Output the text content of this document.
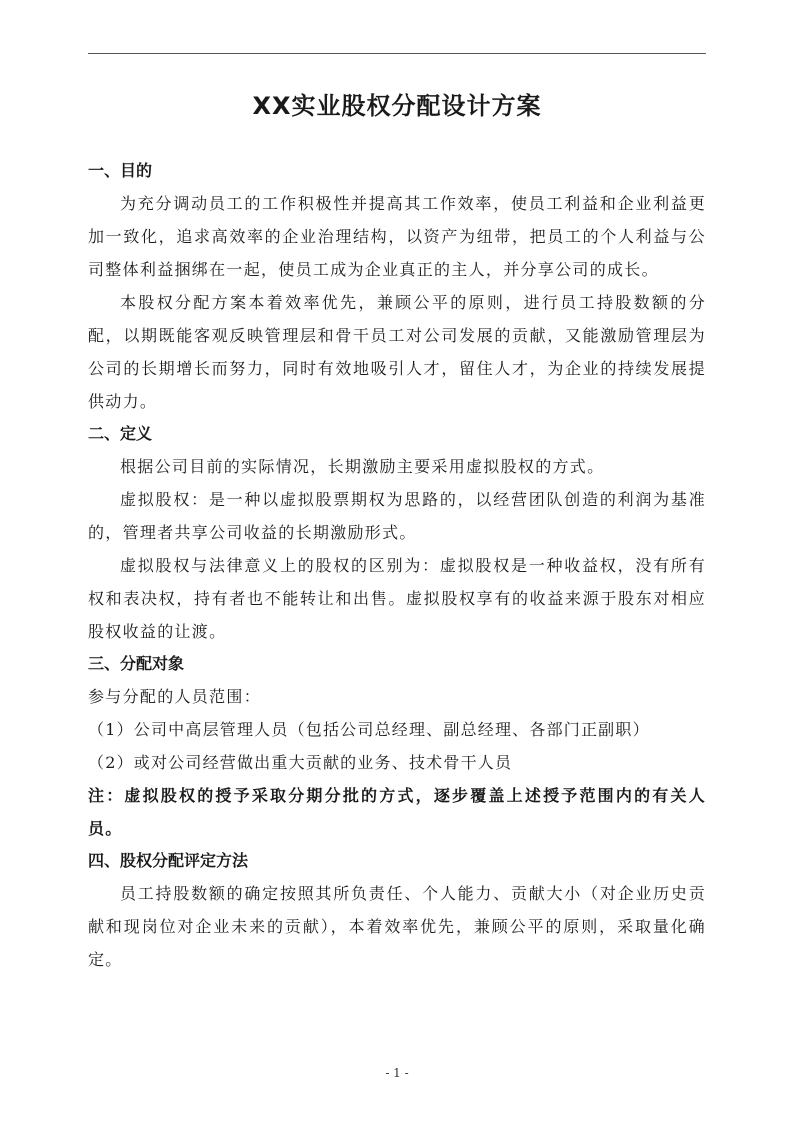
XX实业股权分配设计方案
一、目的

为充分调动员工的工作积极性并提高其工作效率，使员工利益和企业利益更加一致化，追求高效率的企业治理结构，以资产为纽带，把员工的个人利益与公司整体利益捆绑在一起，使员工成为企业真正的主人，并分享公司的成长。

本股权分配方案本着效率优先，兼顾公平的原则，进行员工持股数额的分配，以期既能客观反映管理层和骨干员工对公司发展的贡献，又能激励管理层为公司的长期增长而努力，同时有效地吸引人才，留住人才，为企业的持续发展提供动力。

二、定义

根据公司目前的实际情况，长期激励主要采用虚拟股权的方式。

虚拟股权：是一种以虚拟股票期权为思路的，以经营团队创造的利润为基准的，管理者共享公司收益的长期激励形式。

虚拟股权与法律意义上的股权的区别为：虚拟股权是一种收益权，没有所有权和表决权，持有者也不能转让和出售。虚拟股权享有的收益来源于股东对相应股权收益的让渡。

三、分配对象

参与分配的人员范围：

（1）公司中高层管理人员（包括公司总经理、副总经理、各部门正副职）
（2）或对公司经营做出重大贡献的业务、技术骨干人员

注：虚拟股权的授予采取分期分批的方式，逐步覆盖上述授予范围内的有关人员。

四、股权分配评定方法

员工持股数额的确定按照其所负责任、个人能力、贡献大小（对企业历史贡献和现岗位对企业未来的贡献），本着效率优先，兼顾公平的原则，采取量化确定。

- 1 -
